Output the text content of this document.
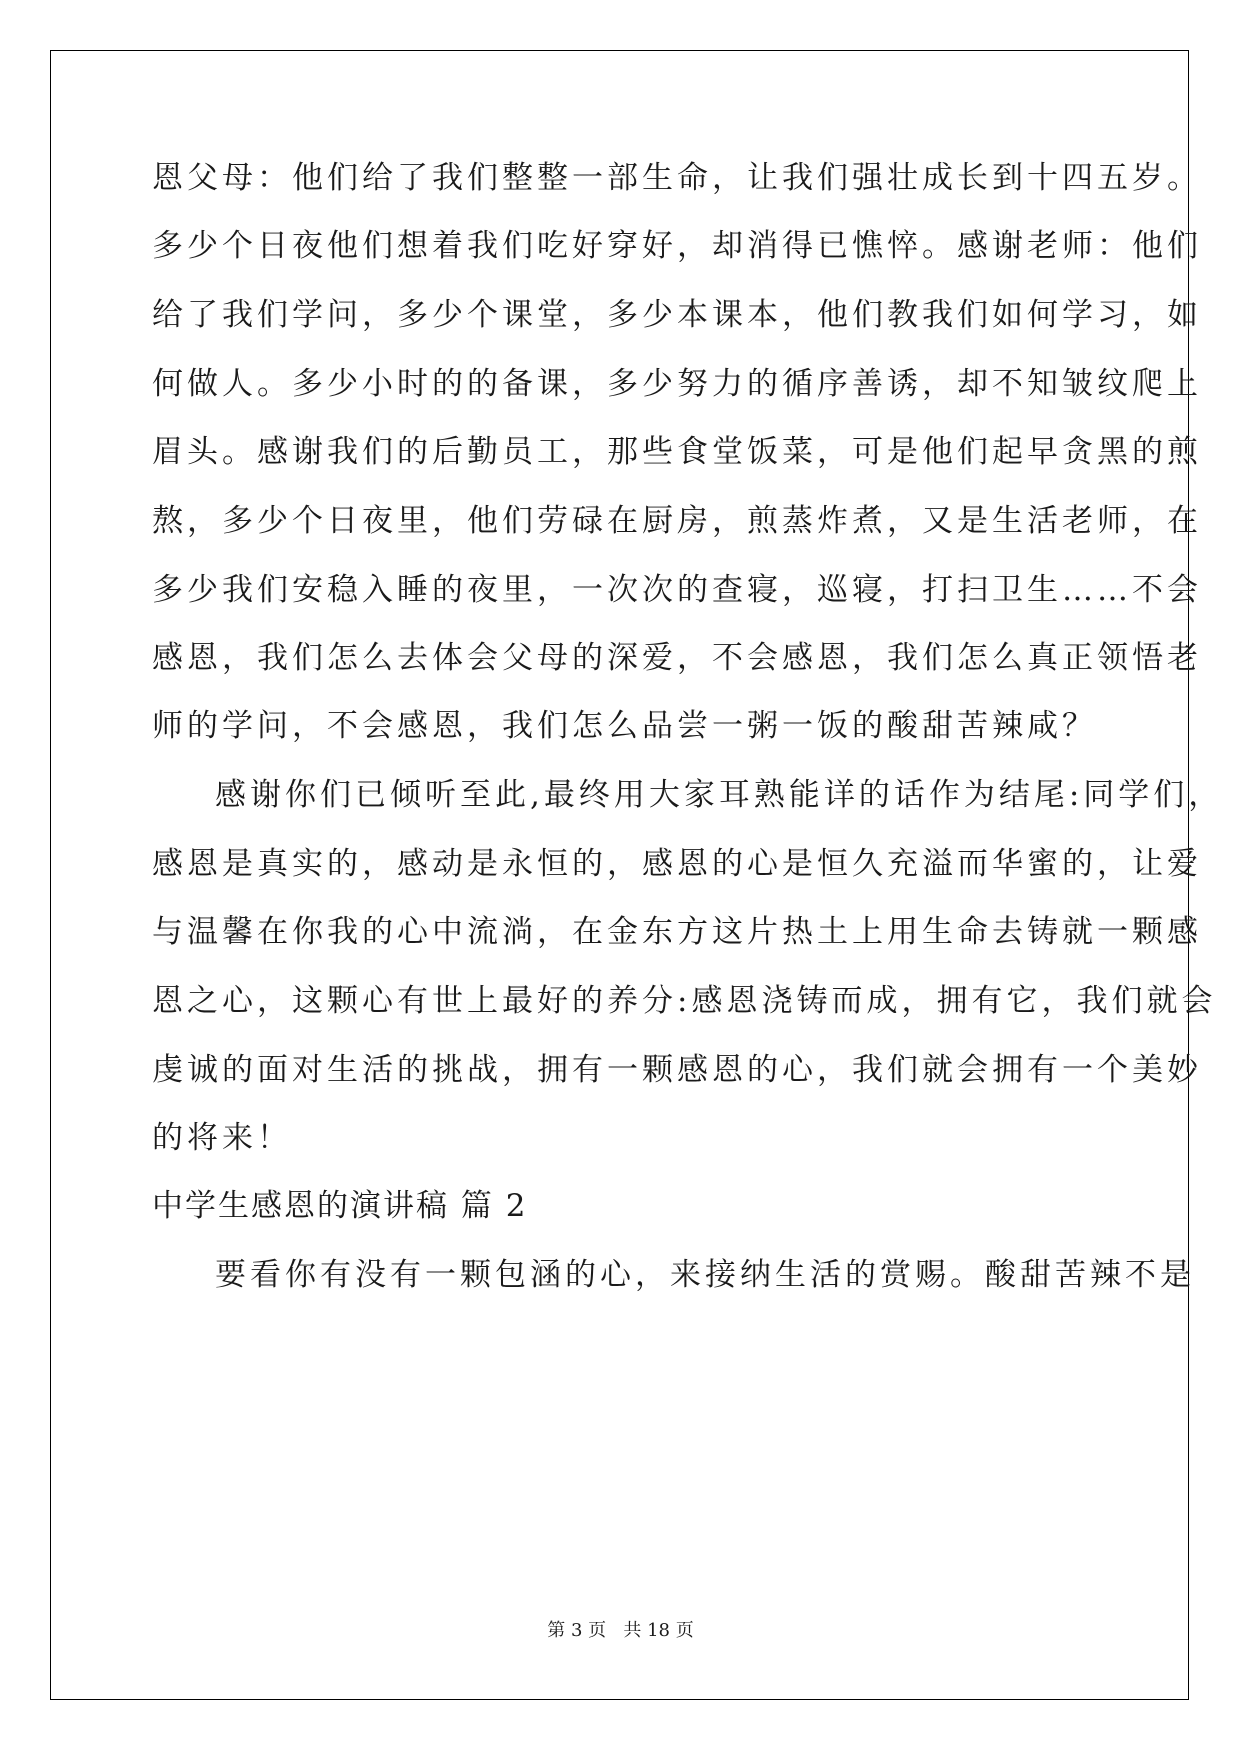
恩父母：他们给了我们整整一部生命，让我们强壮成长到十四五岁。
多少个日夜他们想着我们吃好穿好，却消得已憔悴。感谢老师：他们
给了我们学问，多少个课堂，多少本课本，他们教我们如何学习，如
何做人。多少小时的的备课，多少努力的循序善诱，却不知皱纹爬上
眉头。感谢我们的后勤员工，那些食堂饭菜，可是他们起早贪黑的煎
熬，多少个日夜里，他们劳碌在厨房，煎蒸炸煮，又是生活老师，在
多少我们安稳入睡的夜里，一次次的查寝，巡寝，打扫卫生……不会
感恩，我们怎么去体会父母的深爱，不会感恩，我们怎么真正领悟老
师的学问，不会感恩，我们怎么品尝一粥一饭的酸甜苦辣咸？
感谢你们已倾听至此,最终用大家耳熟能详的话作为结尾:同学们，
感恩是真实的，感动是永恒的，感恩的心是恒久充溢而华蜜的，让爱
与温馨在你我的心中流淌，在金东方这片热土上用生命去铸就一颗感
恩之心，这颗心有世上最好的养分:感恩浇铸而成，拥有它，我们就会
虔诚的面对生活的挑战，拥有一颗感恩的心，我们就会拥有一个美妙
的将来！
中学生感恩的演讲稿 篇 2
要看你有没有一颗包涵的心，来接纳生活的赏赐。酸甜苦辣不是
第 3 页   共 18 页
